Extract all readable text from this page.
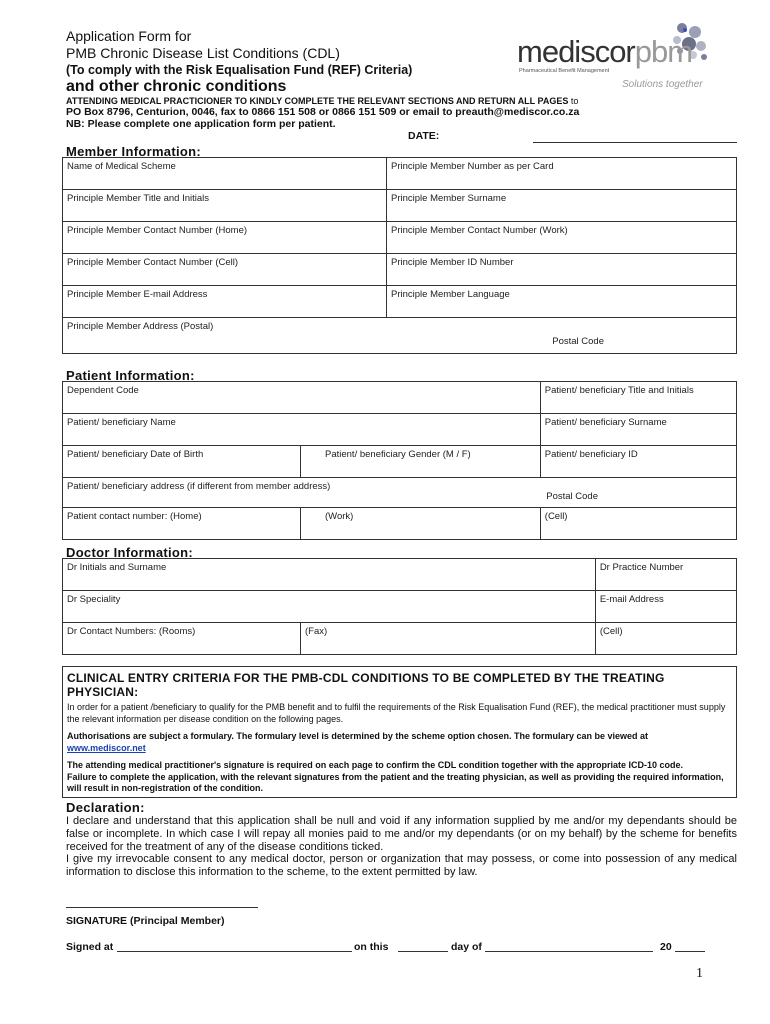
Application Form for
PMB Chronic Disease List Conditions (CDL)
(To comply with the Risk Equalisation Fund (REF) Criteria)
and other chronic conditions
mediscorpbm
Pharmaceutical Benefit Management
Solutions together
ATTENDING MEDICAL PRACTICIONER TO KINDLY COMPLETE THE RELEVANT SECTIONS AND RETURN ALL PAGES to
PO Box 8796, Centurion, 0046, fax to 0866 151 508 or 0866 151 509 or email to preauth@mediscor.co.za
NB: Please complete one application form per patient.
DATE:
Member Information:
Name of Medical Scheme	Principle Member Number as per Card
Principle Member Title and Initials	Principle Member Surname
Principle Member Contact Number (Home)	Principle Member Contact Number (Work)
Principle Member Contact Number (Cell)	Principle Member ID Number
Principle Member E-mail Address	Principle Member Language
Principle Member Address (Postal)
Postal Code	
Patient Information:
Dependent Code		Patient/ beneficiary Title and Initials
Patient/ beneficiary Name		Patient/ beneficiary Surname
Patient/ beneficiary Date of Birth	Patient/ beneficiary Gender (M / F)	Patient/ beneficiary ID
Patient/ beneficiary address (if different from member address)
Postal Code		

Patient contact number: (Home)	(Work)	(Cell)
Doctor Information:
Dr Initials and Surname		Dr Practice Number
Dr Speciality		E-mail Address
Dr Contact Numbers: (Rooms)	(Fax)	(Cell)
CLINICAL ENTRY CRITERIA FOR THE PMB-CDL CONDITIONS TO BE COMPLETED BY THE TREATING PHYSICIAN:

In order for a patient /beneficiary to qualify for the PMB benefit and to fulfil the requirements of the Risk Equalisation Fund (REF), the medical practitioner must supply the relevant information per disease condition on the following pages.

Authorisations are subject a formulary. The formulary level is determined by the scheme option chosen. The formulary can be viewed at

www.mediscor.net

The attending medical practitioner's signature is required on each page to confirm the CDL condition together with the appropriate ICD-10 code.

Failure to complete the application, with the relevant signatures from the patient and the treating physician, as well as providing the required information, will result in non-registration of the condition.

Declaration:
I declare and understand that this application shall be null and void if any information supplied by me and/or my dependants should be false or incomplete. In which case I will repay all monies paid to me and/or my dependants (or on my behalf) by the scheme for benefits received for the treatment of any of the disease conditions ticked.
I give my irrevocable consent to any medical doctor, person or organization that may possess, or come into possession of any medical information to disclose this information to the scheme, to the extent permitted by law.
SIGNATURE (Principal Member)
Signed at	on this	day of	20
1
